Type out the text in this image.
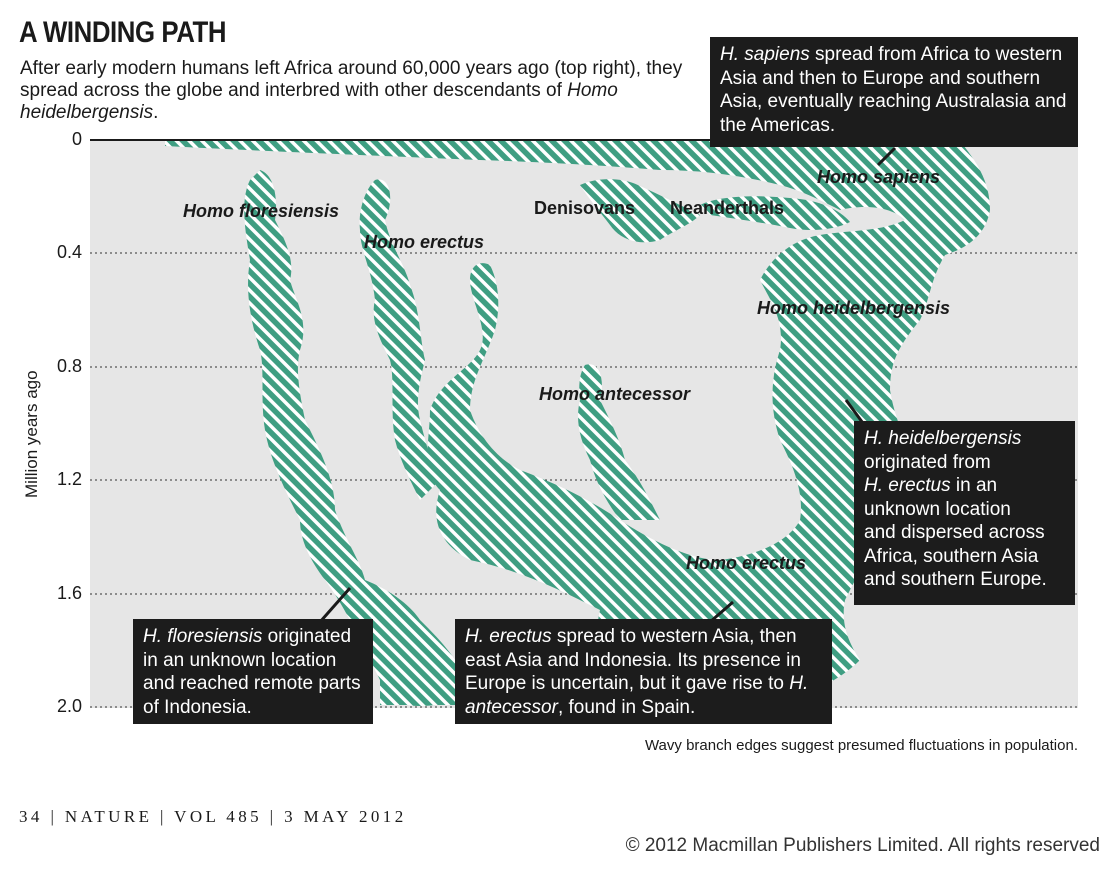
A WINDING PATH
After early modern humans left Africa around 60,000 years ago (top right), they spread across the globe and interbred with other descendants of Homo heidelbergensis.
Million years ago
0
0.4
0.8
1.2
1.6
2.0
Homo floresiensis
Homo erectus
Denisovans Neanderthals
Homo sapiens
Homo heidelbergensis
Homo antecessor
Homo erectus
H. sapiens spread from Africa to western Asia and then to Europe and southern Asia, eventually reaching Australasia and the Americas.
H. heidelbergensis
originated from
H. erectus in an
unknown location
and dispersed across
Africa, southern Asia
and southern Europe.
H. floresiensis originated in an unknown location and reached remote parts of Indonesia.
H. erectus spread to western Asia, then east Asia and Indonesia. Its presence in Europe is uncertain, but it gave rise to H. antecessor, found in Spain.
Wavy branch edges suggest presumed fluctuations in population.
34 | NATURE | VOL 485 | 3 MAY 2012
© 2012 Macmillan Publishers Limited. All rights reserved
